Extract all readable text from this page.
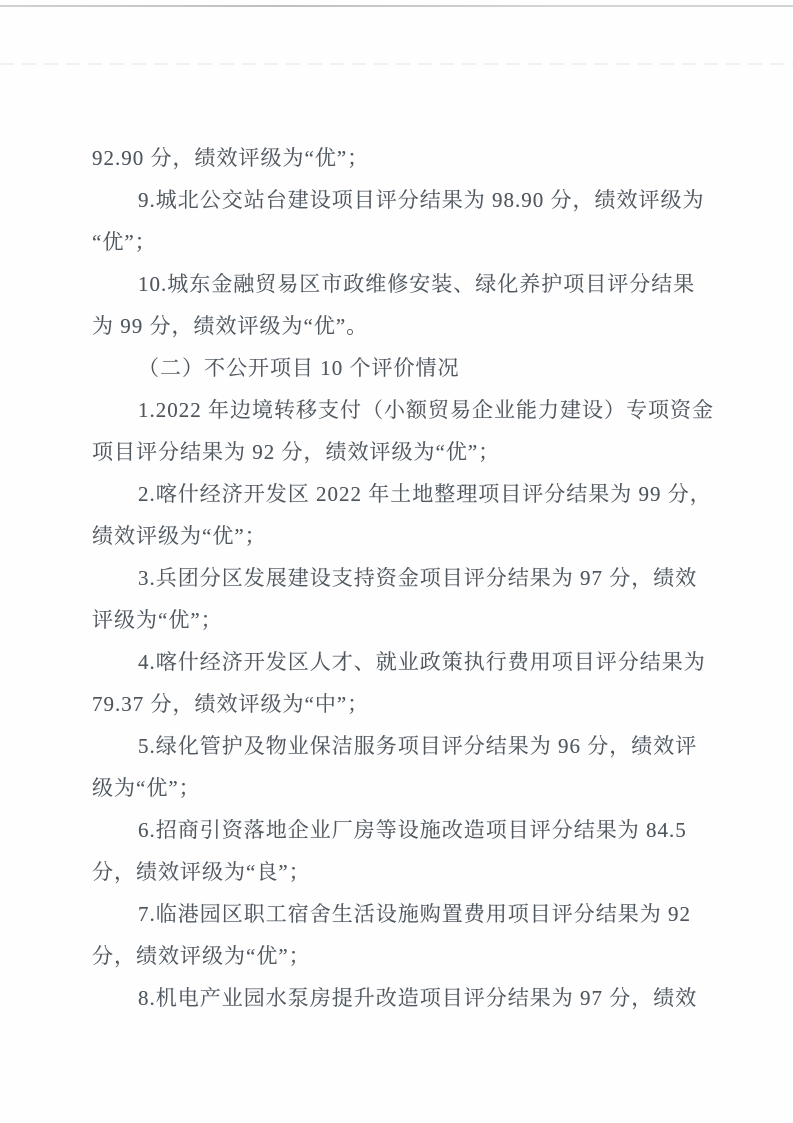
92.90 分，绩效评级为“优”；
9.城北公交站台建设项目评分结果为 98.90 分，绩效评级为
“优”；
10.城东金融贸易区市政维修安装、绿化养护项目评分结果
为 99 分，绩效评级为“优”。
（二）不公开项目 10 个评价情况
1.2022 年边境转移支付（小额贸易企业能力建设）专项资金
项目评分结果为 92 分，绩效评级为“优”；
2.喀什经济开发区 2022 年土地整理项目评分结果为 99 分，
绩效评级为“优”；
3.兵团分区发展建设支持资金项目评分结果为 97 分，绩效
评级为“优”；
4.喀什经济开发区人才、就业政策执行费用项目评分结果为
79.37 分，绩效评级为“中”；
5.绿化管护及物业保洁服务项目评分结果为 96 分，绩效评
级为“优”；
6.招商引资落地企业厂房等设施改造项目评分结果为 84.5
分，绩效评级为“良”；
7.临港园区职工宿舍生活设施购置费用项目评分结果为 92
分，绩效评级为“优”；
8.机电产业园水泵房提升改造项目评分结果为 97 分，绩效
